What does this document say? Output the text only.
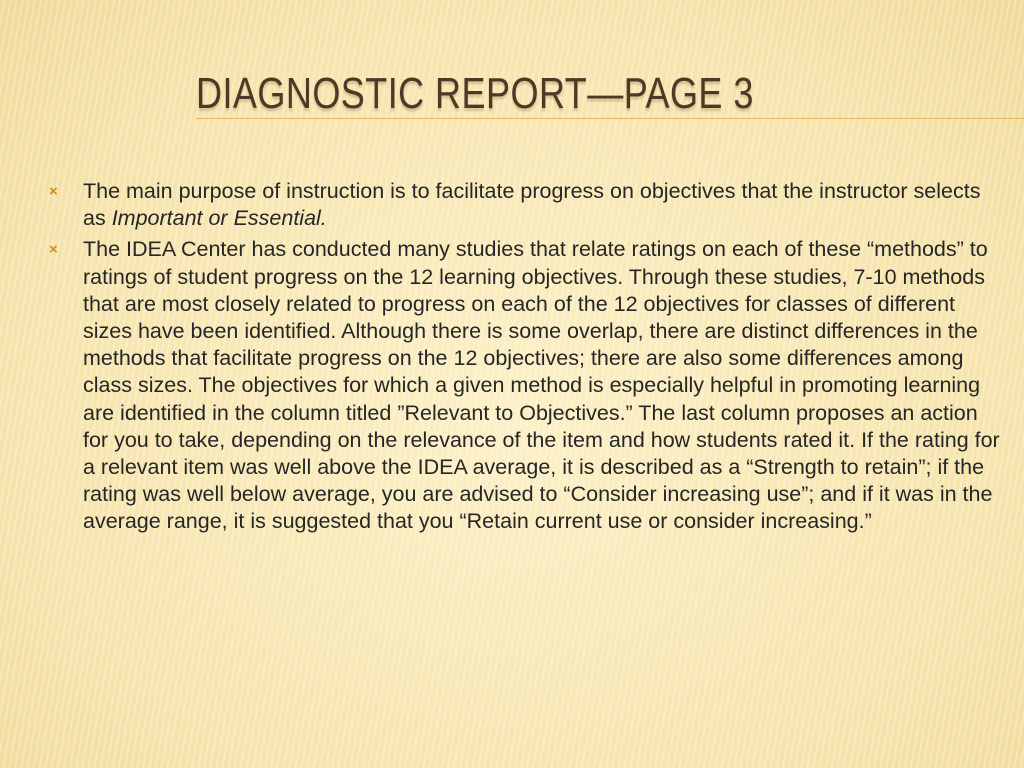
DIAGNOSTIC REPORT—PAGE 3
× The main purpose of instruction is to facilitate progress on objectives that the instructor selects as Important or Essential.
× The IDEA Center has conducted many studies that relate ratings on each of these “methods” to ratings of student progress on the 12 learning objectives. Through these studies, 7-10 methods that are most closely related to progress on each of the 12 objectives for classes of different sizes have been identified. Although there is some overlap, there are distinct differences in the methods that facilitate progress on the 12 objectives; there are also some differences among class sizes. The objectives for which a given method is especially helpful in promoting learning are identified in the column titled ”Relevant to Objectives.” The last column proposes an action for you to take, depending on the relevance of the item and how students rated it. If the rating for a relevant item was well above the IDEA average, it is described as a “Strength to retain”; if the rating was well below average, you are advised to “Consider increasing use”; and if it was in the average range, it is suggested that you “Retain current use or consider increasing.”
